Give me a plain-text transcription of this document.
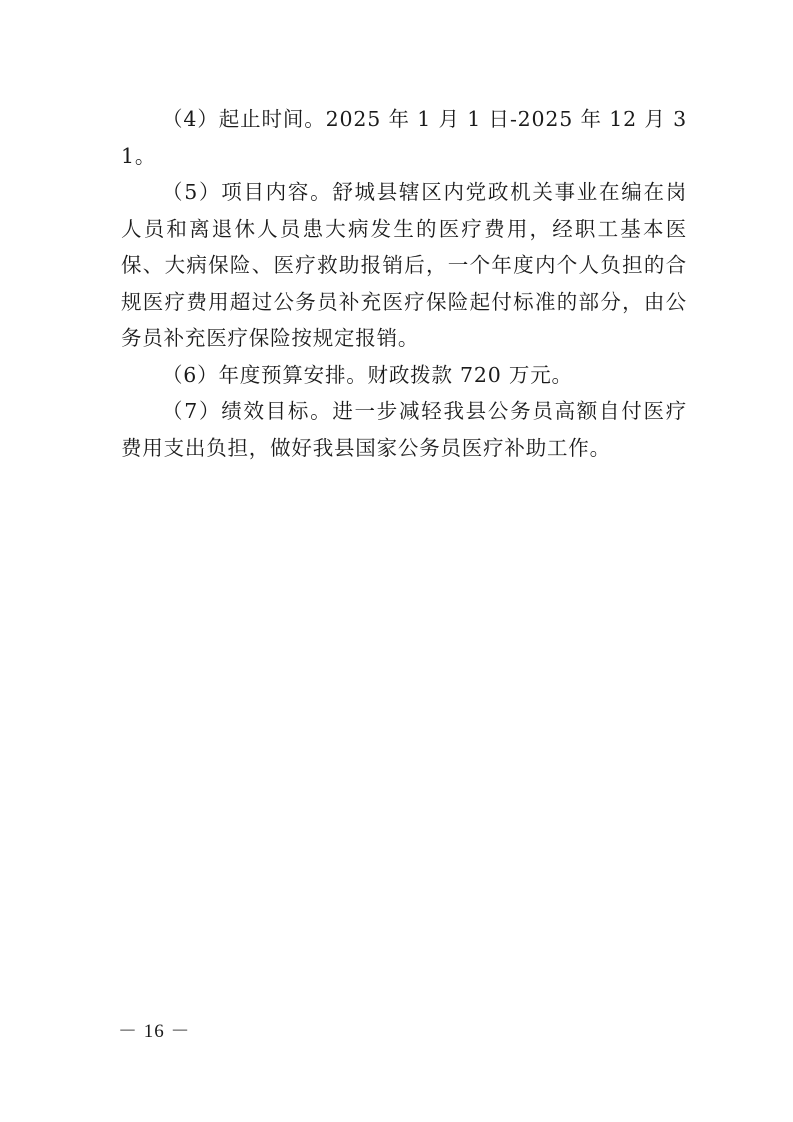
（4）起止时间。2025 年 1 月 1 日-2025 年 12 月 31。

（5）项目内容。舒城县辖区内党政机关事业在编在岗人员和离退休人员患大病发生的医疗费用，经职工基本医保、大病保险、医疗救助报销后，一个年度内个人负担的合规医疗费用超过公务员补充医疗保险起付标准的部分，由公务员补充医疗保险按规定报销。

（6）年度预算安排。财政拨款 720 万元。

（7）绩效目标。进一步减轻我县公务员高额自付医疗费用支出负担，做好我县国家公务员医疗补助工作。

－ 16 －
